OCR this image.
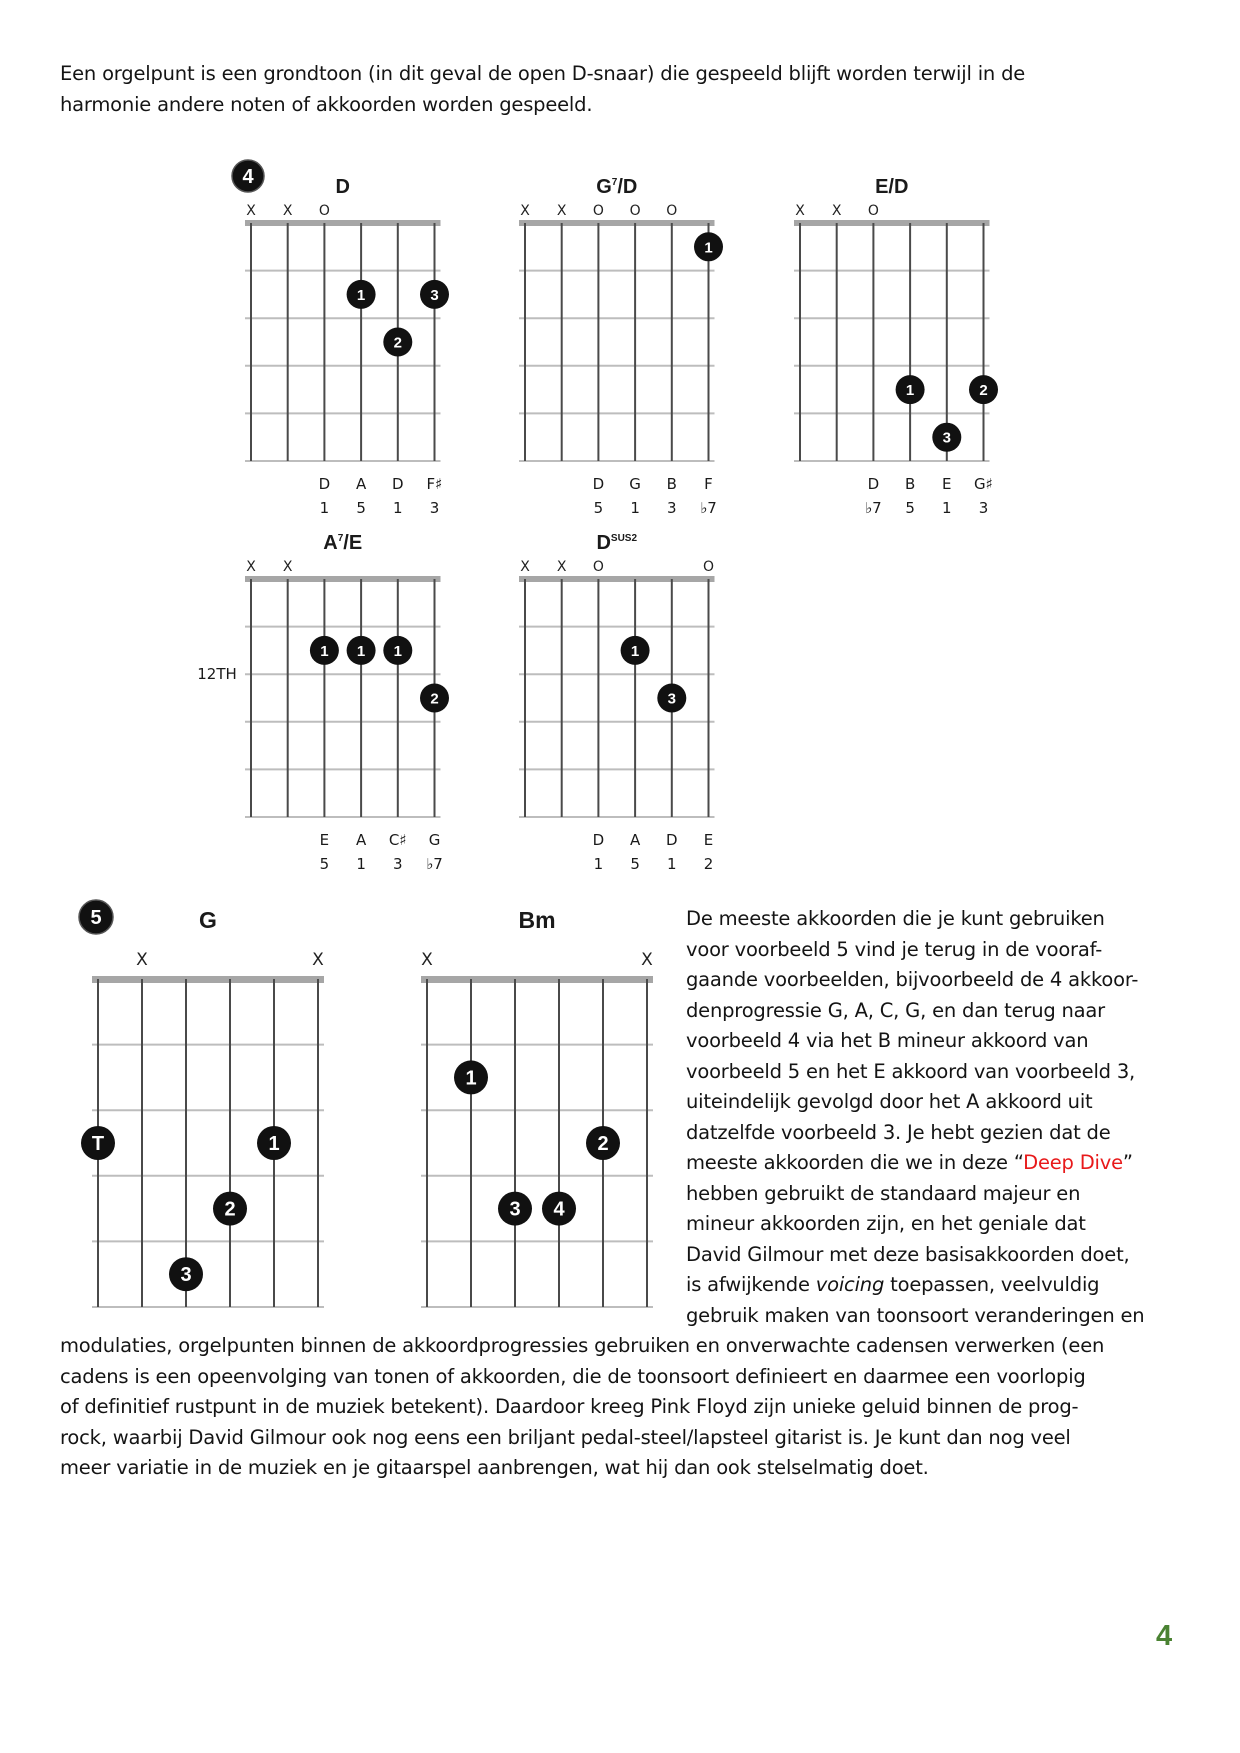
Een orgelpunt is een grondtoon (in dit geval de open D-snaar) die gespeeld blijft worden terwijl in de
harmonie andere noten of akkoorden worden gespeeld.
4	D
X X O
1	3
2
D A D F♯
1 5 1 3
$G^7/D$
X X O O O
1
D G B F
5 1 3 ♭7
E/D
X X O
1	2
3
D B E G♯
♭7 5 1 3
$A^7/E$
X X
12TH
1 1 1
2
E A C♯ G
5 1 3 ♭7
$D^{SUS2}$
X X O	O
1
3
D A D E
1 5 1 2
5	G
X	X
T	1
2
3
Bm
X	X
1
2
3 4
De meeste akkoorden die je kunt gebruiken
voor voorbeeld 5 vind je terug in de vooraf-
gaande voorbeelden, bijvoorbeeld de 4 akkoor-
denprogressie G, A, C, G, en dan terug naar
voorbeeld 4 via het B mineur akkoord van
voorbeeld 5 en het E akkoord van voorbeeld 3,
uiteindelijk gevolgd door het A akkoord uit
datzelfde voorbeeld 3. Je hebt gezien dat de
meeste akkoorden die we in deze “Deep Dive”
hebben gebruikt de standaard majeur en
mineur akkoorden zijn, en het geniale dat
David Gilmour met deze basisakkoorden doet,
is afwijkende voicing toepassen, veelvuldig
gebruik maken van toonsoort veranderingen en
modulaties, orgelpunten binnen de akkoordprogressies gebruiken en onverwachte cadensen verwerken (een
cadens is een opeenvolging van tonen of akkoorden, die de toonsoort definieert en daarmee een voorlopig
of definitief rustpunt in de muziek betekent). Daardoor kreeg Pink Floyd zijn unieke geluid binnen de prog-
rock, waarbij David Gilmour ook nog eens een briljant pedal-steel/lapsteel gitarist is. Je kunt dan nog veel
meer variatie in de muziek en je gitaarspel aanbrengen, wat hij dan ook stelselmatig doet.
4
